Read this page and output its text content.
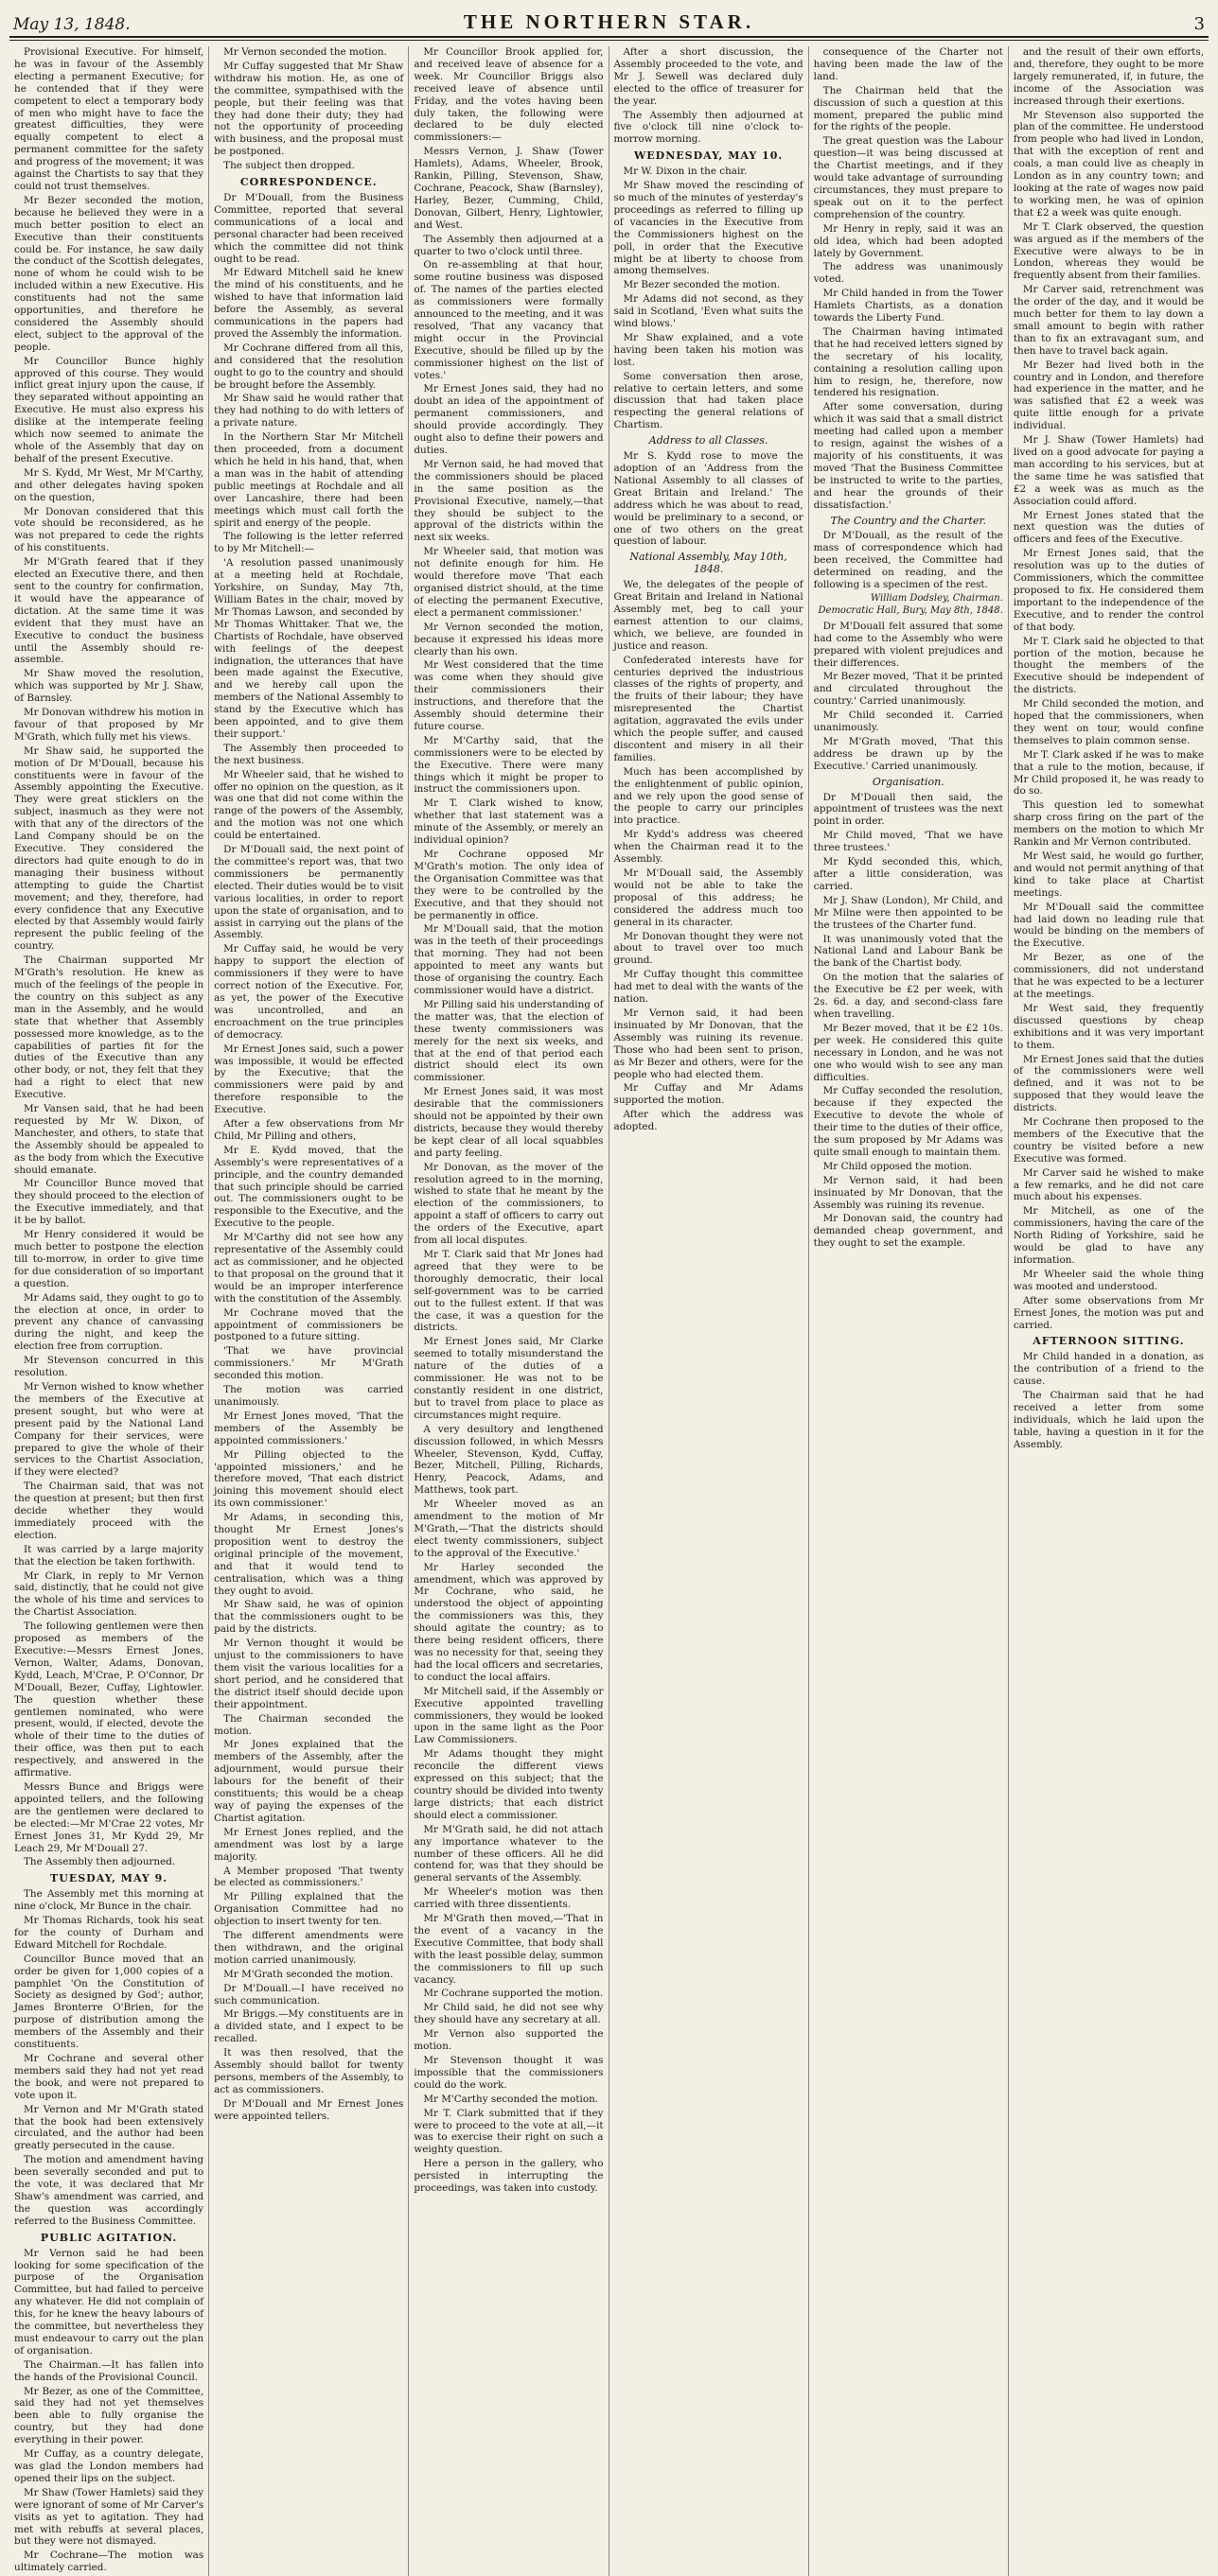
May 13, 1848.	THE NORTHERN STAR.	3

Provisional Executive. For himself, he was in favour of the Assembly electing a permanent Executive; for he contended that if they were competent to elect a temporary body of men who might have to face the greatest difficulties, they were equally competent to elect a permanent committee for the safety and progress of the movement; it was against the Chartists to say that they could not trust themselves.

Mr Bezer seconded the motion, because he believed they were in a much better position to elect an Executive than their constituents could be. For instance, he saw daily the conduct of the Scottish delegates, none of whom he could wish to be included within a new Executive. His constituents had not the same opportunities, and therefore he considered the Assembly should elect, subject to the approval of the people.

Mr Councillor Bunce highly approved of this course. They would inflict great injury upon the cause, if they separated without appointing an Executive. He must also express his dislike at the intemperate feeling which now seemed to animate the whole of the Assembly that day on behalf of the present Executive.

Mr S. Kydd, Mr West, Mr M'Carthy, and other delegates having spoken on the question,

Mr Donovan considered that this vote should be reconsidered, as he was not prepared to cede the rights of his constituents.

Mr M'Grath feared that if they elected an Executive there, and then sent to the country for confirmation, it would have the appearance of dictation. At the same time it was evident that they must have an Executive to conduct the business until the Assembly should re-assemble.

Mr Shaw moved the resolution, which was supported by Mr J. Shaw, of Barnsley.

Mr Donovan withdrew his motion in favour of that proposed by Mr M'Grath, which fully met his views.

Mr Shaw said, he supported the motion of Dr M'Douall, because his constituents were in favour of the Assembly appointing the Executive. They were great sticklers on the subject, inasmuch as they were not with that any of the directors of the Land Company should be on the Executive. They considered the directors had quite enough to do in managing their business without attempting to guide the Chartist movement; and they, therefore, had every confidence that any Executive elected by that Assembly would fairly represent the public feeling of the country.

The Chairman supported Mr M'Grath's resolution. He knew as much of the feelings of the people in the country on this subject as any man in the Assembly, and he would state that whether that Assembly possessed more knowledge, as to the capabilities of parties fit for the duties of the Executive than any other body, or not, they felt that they had a right to elect that new Executive.

Mr Vansen said, that he had been requested by Mr W. Dixon, of Manchester, and others, to state that the Assembly should be appealed to as the body from which the Executive should emanate.

Mr Councillor Bunce moved that they should proceed to the election of the Executive immediately, and that it be by ballot.

Mr Henry considered it would be much better to postpone the election till to-morrow, in order to give time for due consideration of so important a question.

Mr Adams said, they ought to go to the election at once, in order to prevent any chance of canvassing during the night, and keep the election free from corruption.

Mr Stevenson concurred in this resolution.

Mr Vernon wished to know whether the members of the Executive at present sought, but who were at present paid by the National Land Company for their services, were prepared to give the whole of their services to the Chartist Association, if they were elected?

The Chairman said, that was not the question at present; but then first decide whether they would immediately proceed with the election.

It was carried by a large majority that the election be taken forthwith.

Mr Clark, in reply to Mr Vernon said, distinctly, that he could not give the whole of his time and services to the Chartist Association.

The following gentlemen were then proposed as members of the Executive:—Messrs Ernest Jones, Vernon, Walter, Adams, Donovan, Kydd, Leach, M'Crae, P. O'Connor, Dr M'Douall, Bezer, Cuffay, Lightowler. The question whether these gentlemen nominated, who were present, would, if elected, devote the whole of their time to the duties of their office, was then put to each respectively, and answered in the affirmative.

Messrs Bunce and Briggs were appointed tellers, and the following are the gentlemen were declared to be elected:—Mr M'Crae 22 votes, Mr Ernest Jones 31, Mr Kydd 29, Mr Leach 29, Mr M'Douall 27.

The Assembly then adjourned.

TUESDAY, MAY 9.

The Assembly met this morning at nine o'clock, Mr Bunce in the chair.

Mr Thomas Richards, took his seat for the county of Durham and Edward Mitchell for Rochdale.

Councillor Bunce moved that an order be given for 1,000 copies of a pamphlet 'On the Constitution of Society as designed by God'; author, James Bronterre O'Brien, for the purpose of distribution among the members of the Assembly and their constituents.

Mr Cochrane and several other members said they had not yet read the book, and were not prepared to vote upon it.

Mr Vernon and Mr M'Grath stated that the book had been extensively circulated, and the author had been greatly persecuted in the cause.

The motion and amendment having been severally seconded and put to the vote, it was declared that Mr Shaw's amendment was carried, and the question was accordingly referred to the Business Committee.

PUBLIC AGITATION.

Mr Vernon said he had been looking for some specification of the purpose of the Organisation Committee, but had failed to perceive any whatever. He did not complain of this, for he knew the heavy labours of the committee, but nevertheless they must endeavour to carry out the plan of organisation.

The Chairman.—It has fallen into the hands of the Provisional Council.

Mr Bezer, as one of the Committee, said they had not yet themselves been able to fully organise the country, but they had done everything in their power.

Mr Cuffay, as a country delegate, was glad the London members had opened their lips on the subject.

Mr Shaw (Tower Hamlets) said they were ignorant of some of Mr Carver's visits as yet to agitation. They had met with rebuffs at several places, but they were not dismayed.

Mr Cochrane—The motion was ultimately carried.

Mr Vernon seconded the motion.

Mr Cuffay suggested that Mr Shaw withdraw his motion. He, as one of the committee, sympathised with the people, but their feeling was that they had done their duty; they had not the opportunity of proceeding with business, and the proposal must be postponed.

The subject then dropped.

CORRESPONDENCE.

Dr M'Douall, from the Business Committee, reported that several communications of a local and personal character had been received which the committee did not think ought to be read.

Mr Edward Mitchell said he knew the mind of his constituents, and he wished to have that information laid before the Assembly, as several communications in the papers had proved the Assembly the information.

Mr Cochrane differed from all this, and considered that the resolution ought to go to the country and should be brought before the Assembly.

Mr Shaw said he would rather that they had nothing to do with letters of a private nature.

In the Northern Star Mr Mitchell then proceeded, from a document which he held in his hand, that, when a man was in the habit of attending public meetings at Rochdale and all over Lancashire, there had been meetings which must call forth the spirit and energy of the people.

The following is the letter referred to by Mr Mitchell:—

'A resolution passed unanimously at a meeting held at Rochdale, Yorkshire, on Sunday, May 7th, William Bates in the chair, moved by Mr Thomas Lawson, and seconded by Mr Thomas Whittaker. That we, the Chartists of Rochdale, have observed with feelings of the deepest indignation, the utterances that have been made against the Executive, and we hereby call upon the members of the National Assembly to stand by the Executive which has been appointed, and to give them their support.'

The Assembly then proceeded to the next business.

Mr Wheeler said, that he wished to offer no opinion on the question, as it was one that did not come within the range of the powers of the Assembly, and the motion was not one which could be entertained.

Dr M'Douall said, the next point of the committee's report was, that two commissioners be permanently elected. Their duties would be to visit various localities, in order to report upon the state of organisation, and to assist in carrying out the plans of the Assembly.

Mr Cuffay said, he would be very happy to support the election of commissioners if they were to have correct notion of the Executive. For, as yet, the power of the Executive was uncontrolled, and an encroachment on the true principles of democracy.

Mr Ernest Jones said, such a power was impossible, it would be effected by the Executive; that the commissioners were paid by and therefore responsible to the Executive.

After a few observations from Mr Child, Mr Pilling and others,

Mr E. Kydd moved, that the Assembly's were representatives of a principle, and the country demanded that such principle should be carried out. The commissioners ought to be responsible to the Executive, and the Executive to the people.

Mr M'Carthy did not see how any representative of the Assembly could act as commissioner, and he objected to that proposal on the ground that it would be an improper interference with the constitution of the Assembly.

Mr Cochrane moved that the appointment of commissioners be postponed to a future sitting.

'That we have provincial commissioners.' Mr M'Grath seconded this motion.

The motion was carried unanimously.

Mr Ernest Jones moved, 'That the members of the Assembly be appointed commissioners.'

Mr Pilling objected to the 'appointed missioners,' and he therefore moved, 'That each district joining this movement should elect its own commissioner.'

Mr Adams, in seconding this, thought Mr Ernest Jones's proposition went to destroy the original principle of the movement, and that it would tend to centralisation, which was a thing they ought to avoid.

Mr Shaw said, he was of opinion that the commissioners ought to be paid by the districts.

Mr Vernon thought it would be unjust to the commissioners to have them visit the various localities for a short period, and he considered that the district itself should decide upon their appointment.

The Chairman seconded the motion.

Mr Jones explained that the members of the Assembly, after the adjournment, would pursue their labours for the benefit of their constituents; this would be a cheap way of paying the expenses of the Chartist agitation.

Mr Ernest Jones replied, and the amendment was lost by a large majority.

A Member proposed 'That twenty be elected as commissioners.'

Mr Pilling explained that the Organisation Committee had no objection to insert twenty for ten.

The different amendments were then withdrawn, and the original motion carried unanimously.

Mr M'Grath seconded the motion.

Dr M'Douall.—I have received no such communication.

Mr Briggs.—My constituents are in a divided state, and I expect to be recalled.

It was then resolved, that the Assembly should ballot for twenty persons, members of the Assembly, to act as commissioners.

Dr M'Douall and Mr Ernest Jones were appointed tellers.

Mr Councillor Brook applied for, and received leave of absence for a week. Mr Councillor Briggs also received leave of absence until Friday, and the votes having been duly taken, the following were declared to be duly elected commissioners:—

Messrs Vernon, J. Shaw (Tower Hamlets), Adams, Wheeler, Brook, Rankin, Pilling, Stevenson, Shaw, Cochrane, Peacock, Shaw (Barnsley), Harley, Bezer, Cumming, Child, Donovan, Gilbert, Henry, Lightowler, and West.

The Assembly then adjourned at a quarter to two o'clock until three.

On re-assembling at that hour, some routine business was disposed of. The names of the parties elected as commissioners were formally announced to the meeting, and it was resolved, 'That any vacancy that might occur in the Provincial Executive, should be filled up by the commissioner highest on the list of votes.'

Mr Ernest Jones said, they had no doubt an idea of the appointment of permanent commissioners, and should provide accordingly. They ought also to define their powers and duties.

Mr Vernon said, he had moved that the commissioners should be placed in the same position as the Provisional Executive, namely,—that they should be subject to the approval of the districts within the next six weeks.

Mr Wheeler said, that motion was not definite enough for him. He would therefore move 'That each organised district should, at the time of electing the permanent Executive, elect a permanent commissioner.'

Mr Vernon seconded the motion, because it expressed his ideas more clearly than his own.

Mr West considered that the time was come when they should give their commissioners their instructions, and therefore that the Assembly should determine their future course.

Mr M'Carthy said, that the commissioners were to be elected by the Executive. There were many things which it might be proper to instruct the commissioners upon.

Mr T. Clark wished to know, whether that last statement was a minute of the Assembly, or merely an individual opinion?

Mr Cochrane opposed Mr M'Grath's motion. The only idea of the Organisation Committee was that they were to be controlled by the Executive, and that they should not be permanently in office.

Mr M'Douall said, that the motion was in the teeth of their proceedings that morning. They had not been appointed to meet any wants but those of organising the country. Each commissioner would have a district.

Mr Pilling said his understanding of the matter was, that the election of these twenty commissioners was merely for the next six weeks, and that at the end of that period each district should elect its own commissioner.

Mr Ernest Jones said, it was most desirable that the commissioners should not be appointed by their own districts, because they would thereby be kept clear of all local squabbles and party feeling.

Mr Donovan, as the mover of the resolution agreed to in the morning, wished to state that he meant by the election of the commissioners, to appoint a staff of officers to carry out the orders of the Executive, apart from all local disputes.

Mr T. Clark said that Mr Jones had agreed that they were to be thoroughly democratic, their local self-government was to be carried out to the fullest extent. If that was the case, it was a question for the districts.

Mr Ernest Jones said, Mr Clarke seemed to totally misunderstand the nature of the duties of a commissioner. He was not to be constantly resident in one district, but to travel from place to place as circumstances might require.

A very desultory and lengthened discussion followed, in which Messrs Wheeler, Stevenson, Kydd, Cuffay, Bezer, Mitchell, Pilling, Richards, Henry, Peacock, Adams, and Matthews, took part.

Mr Wheeler moved as an amendment to the motion of Mr M'Grath,—'That the districts should elect twenty commissioners, subject to the approval of the Executive.'

Mr Harley seconded the amendment, which was approved by Mr Cochrane, who said, he understood the object of appointing the commissioners was this, they should agitate the country; as to there being resident officers, there was no necessity for that, seeing they had the local officers and secretaries, to conduct the local affairs.

Mr Mitchell said, if the Assembly or Executive appointed travelling commissioners, they would be looked upon in the same light as the Poor Law Commissioners.

Mr Adams thought they might reconcile the different views expressed on this subject; that the country should be divided into twenty large districts; that each district should elect a commissioner.

Mr M'Grath said, he did not attach any importance whatever to the number of these officers. All he did contend for, was that they should be general servants of the Assembly.

Mr Wheeler's motion was then carried with three dissentients.

Mr M'Grath then moved,—'That in the event of a vacancy in the Executive Committee, that body shall with the least possible delay, summon the commissioners to fill up such vacancy.

Mr Cochrane supported the motion.

Mr Child said, he did not see why they should have any secretary at all.

Mr Vernon also supported the motion.

Mr Stevenson thought it was impossible that the commissioners could do the work.

Mr M'Carthy seconded the motion.

Mr T. Clark submitted that if they were to proceed to the vote at all,—it was to exercise their right on such a weighty question.

Here a person in the gallery, who persisted in interrupting the proceedings, was taken into custody.

After a short discussion, the Assembly proceeded to the vote, and Mr J. Sewell was declared duly elected to the office of treasurer for the year.

The Assembly then adjourned at five o'clock till nine o'clock to-morrow morning.

WEDNESDAY, MAY 10.

Mr W. Dixon in the chair.

Mr Shaw moved the rescinding of so much of the minutes of yesterday's proceedings as referred to filling up of vacancies in the Executive from the Commissioners highest on the poll, in order that the Executive might be at liberty to choose from among themselves.

Mr Bezer seconded the motion.

Mr Adams did not second, as they said in Scotland, 'Even what suits the wind blows.'

Mr Shaw explained, and a vote having been taken his motion was lost.

Some conversation then arose, relative to certain letters, and some discussion that had taken place respecting the general relations of Chartism.

Address to all Classes.

Mr S. Kydd rose to move the adoption of an 'Address from the National Assembly to all classes of Great Britain and Ireland.' The address which he was about to read, would be preliminary to a second, or one of two others on the great question of labour.

National Assembly, May 10th, 1848.

We, the delegates of the people of Great Britain and Ireland in National Assembly met, beg to call your earnest attention to our claims, which, we believe, are founded in justice and reason.

Confederated interests have for centuries deprived the industrious classes of the rights of property, and the fruits of their labour; they have misrepresented the Chartist agitation, aggravated the evils under which the people suffer, and caused discontent and misery in all their families.

Much has been accomplished by the enlightenment of public opinion, and we rely upon the good sense of the people to carry our principles into practice.

Mr Kydd's address was cheered when the Chairman read it to the Assembly.

Mr M'Douall said, the Assembly would not be able to take the proposal of this address; he considered the address much too general in its character.

Mr Donovan thought they were not about to travel over too much ground.

Mr Cuffay thought this committee had met to deal with the wants of the nation.

Mr Vernon said, it had been insinuated by Mr Donovan, that the Assembly was ruining its revenue. Those who had been sent to prison, as Mr Bezer and others, were for the people who had elected them.

Mr Cuffay and Mr Adams supported the motion.

After which the address was adopted.

consequence of the Charter not having been made the law of the land.

The Chairman held that the discussion of such a question at this moment, prepared the public mind for the rights of the people.

The great question was the Labour question—it was being discussed at the Chartist meetings, and if they would take advantage of surrounding circumstances, they must prepare to speak out on it to the perfect comprehension of the country.

Mr Henry in reply, said it was an old idea, which had been adopted lately by Government.

The address was unanimously voted.

Mr Child handed in from the Tower Hamlets Chartists, as a donation towards the Liberty Fund.

The Chairman having intimated that he had received letters signed by the secretary of his locality, containing a resolution calling upon him to resign, he, therefore, now tendered his resignation.

After some conversation, during which it was said that a small district meeting had called upon a member to resign, against the wishes of a majority of his constituents, it was moved 'That the Business Committee be instructed to write to the parties, and hear the grounds of their dissatisfaction.'

The Country and the Charter.

Dr M'Douall, as the result of the mass of correspondence which had been received, the Committee had determined on reading, and the following is a specimen of the rest.

William Dodsley, Chairman. Democratic Hall, Bury, May 8th, 1848.

Dr M'Douall felt assured that some had come to the Assembly who were prepared with violent prejudices and their differences.

Mr Bezer moved, 'That it be printed and circulated throughout the country.' Carried unanimously.

Mr Child seconded it. Carried unanimously.

Mr M'Grath moved, 'That this address be drawn up by the Executive.' Carried unanimously.

Organisation.

Dr M'Douall then said, the appointment of trustees was the next point in order.

Mr Child moved, 'That we have three trustees.'

Mr Kydd seconded this, which, after a little consideration, was carried.

Mr J. Shaw (London), Mr Child, and Mr Milne were then appointed to be the trustees of the Charter fund.

It was unanimously voted that the National Land and Labour Bank be the bank of the Chartist body.

On the motion that the salaries of the Executive be £2 per week, with 2s. 6d. a day, and second-class fare when travelling.

Mr Bezer moved, that it be £2 10s. per week. He considered this quite necessary in London, and he was not one who would wish to see any man difficulties.

Mr Cuffay seconded the resolution, because if they expected the Executive to devote the whole of their time to the duties of their office, the sum proposed by Mr Adams was quite small enough to maintain them.

Mr Child opposed the motion.

Mr Vernon said, it had been insinuated by Mr Donovan, that the Assembly was ruining its revenue.

Mr Donovan said, the country had demanded cheap government, and they ought to set the example.

and the result of their own efforts, and, therefore, they ought to be more largely remunerated, if, in future, the income of the Association was increased through their exertions.

Mr Stevenson also supported the plan of the committee. He understood from people who had lived in London, that with the exception of rent and coals, a man could live as cheaply in London as in any country town; and looking at the rate of wages now paid to working men, he was of opinion that £2 a week was quite enough.

Mr T. Clark observed, the question was argued as if the members of the Executive were always to be in London, whereas they would be frequently absent from their families.

Mr Carver said, retrenchment was the order of the day, and it would be much better for them to lay down a small amount to begin with rather than to fix an extravagant sum, and then have to travel back again.

Mr Bezer had lived both in the country and in London, and therefore had experience in the matter, and he was satisfied that £2 a week was quite little enough for a private individual.

Mr J. Shaw (Tower Hamlets) had lived on a good advocate for paying a man according to his services, but at the same time he was satisfied that £2 a week was as much as the Association could afford.

Mr Ernest Jones stated that the next question was the duties of officers and fees of the Executive.

Mr Ernest Jones said, that the resolution was up to the duties of Commissioners, which the committee proposed to fix. He considered them important to the independence of the Executive, and to render the control of that body.

Mr T. Clark said he objected to that portion of the motion, because he thought the members of the Executive should be independent of the districts.

Mr Child seconded the motion, and hoped that the commissioners, when they went on tour, would confine themselves to plain common sense.

Mr T. Clark asked if he was to make that a rule to the motion, because, if Mr Child proposed it, he was ready to do so.

This question led to somewhat sharp cross firing on the part of the members on the motion to which Mr Rankin and Mr Vernon contributed.

Mr West said, he would go further, and would not permit anything of that kind to take place at Chartist meetings.

Mr M'Douall said the committee had laid down no leading rule that would be binding on the members of the Executive.

Mr Bezer, as one of the commissioners, did not understand that he was expected to be a lecturer at the meetings.

Mr West said, they frequently discussed questions by cheap exhibitions and it was very important to them.

Mr Ernest Jones said that the duties of the commissioners were well defined, and it was not to be supposed that they would leave the districts.

Mr Cochrane then proposed to the members of the Executive that the country be visited before a new Executive was formed.

Mr Carver said he wished to make a few remarks, and he did not care much about his expenses.

Mr Mitchell, as one of the commissioners, having the care of the North Riding of Yorkshire, said he would be glad to have any information.

Mr Wheeler said the whole thing was mooted and understood.

After some observations from Mr Ernest Jones, the motion was put and carried.

AFTERNOON SITTING.

Mr Child handed in a donation, as the contribution of a friend to the cause.

The Chairman said that he had received a letter from some individuals, which he laid upon the table, having a question in it for the Assembly.
